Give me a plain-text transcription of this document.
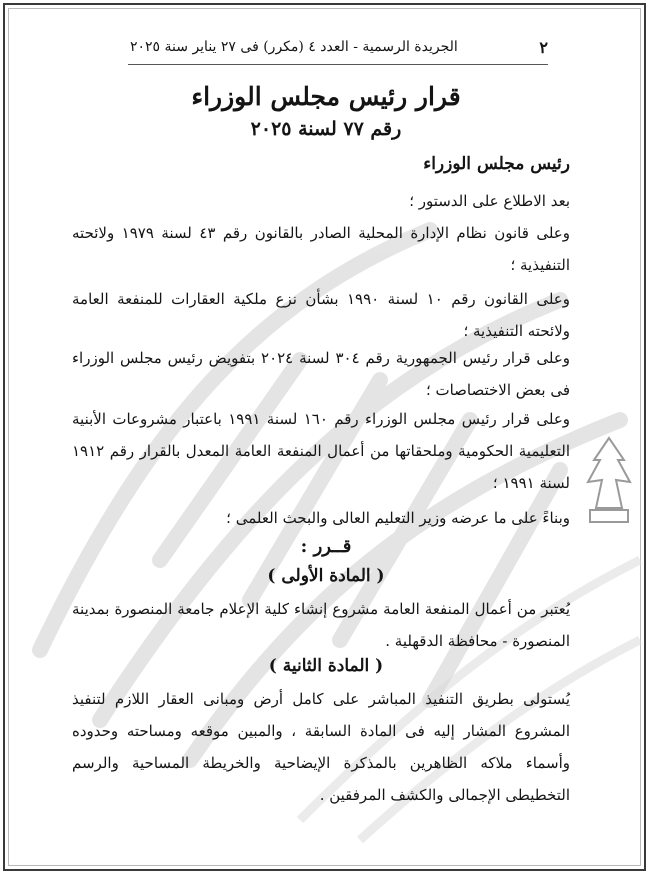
٢
الجريدة الرسمية - العدد ٤ (مكرر) فى ٢٧ يناير سنة ٢٠٢٥
قرار رئيس مجلس الوزراء
رقم ٧٧ لسنة ٢٠٢٥
رئيس مجلس الوزراء
بعد الاطلاع على الدستور ؛
وعلى قانون نظام الإدارة المحلية الصادر بالقانون رقم ٤٣ لسنة ١٩٧٩ ولائحته التنفيذية ؛
وعلى القانون رقم ١٠ لسنة ١٩٩٠ بشأن نزع ملكية العقارات للمنفعة العامة ولائحته التنفيذية ؛
وعلى قرار رئيس الجمهورية رقم ٣٠٤ لسنة ٢٠٢٤ بتفويض رئيس مجلس الوزراء فى بعض الاختصاصات ؛
وعلى قرار رئيس مجلس الوزراء رقم ١٦٠ لسنة ١٩٩١ باعتبار مشروعات الأبنية التعليمية الحكومية وملحقاتها من أعمال المنفعة العامة المعدل بالقرار رقم ١٩١٢ لسنة ١٩٩١ ؛
وبناءً على ما عرضه وزير التعليم العالى والبحث العلمى ؛
قــرر :
( المادة الأولى )
يُعتبر من أعمال المنفعة العامة مشروع إنشاء كلية الإعلام جامعة المنصورة بمدينة المنصورة - محافظة الدقهلية .
( المادة الثانية )
يُستولى بطريق التنفيذ المباشر على كامل أرض ومبانى العقار اللازم لتنفيذ المشروع المشار إليه فى المادة السابقة ، والمبين موقعه ومساحته وحدوده وأسماء ملاكه الظاهرين بالمذكرة الإيضاحية والخريطة المساحية والرسم التخطيطى الإجمالى والكشف المرفقين .
